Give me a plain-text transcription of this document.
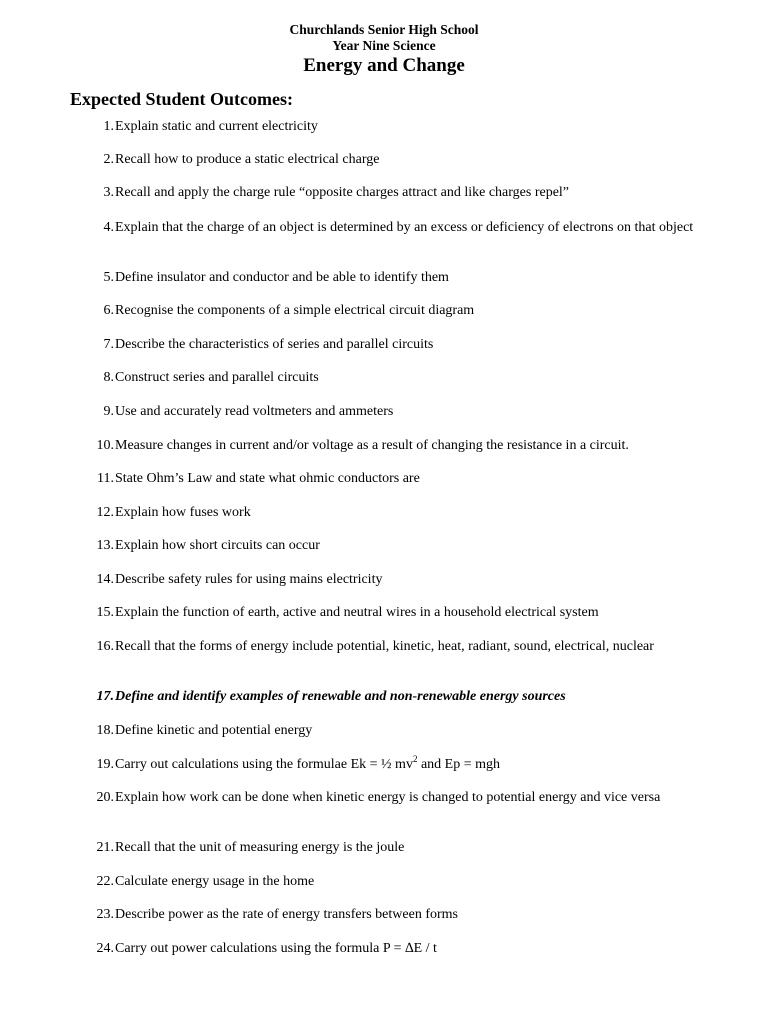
Churchlands Senior High School
Year Nine Science
Energy and Change
Expected Student Outcomes:
1. Explain static and current electricity
2. Recall how to produce a static electrical charge
3. Recall and apply the charge rule “opposite charges attract and like charges repel”
4. Explain that the charge of an object is determined by an excess or deficiency of electrons on that object
5. Define insulator and conductor and be able to identify them
6. Recognise the components of a simple electrical circuit diagram
7. Describe the characteristics of series and parallel circuits
8. Construct series and parallel circuits
9. Use and accurately read voltmeters and ammeters
10. Measure changes in current and/or voltage as a result of changing the resistance in a circuit.
11. State Ohm’s Law and state what ohmic conductors are
12. Explain how fuses work
13. Explain how short circuits can occur
14. Describe safety rules for using mains electricity
15. Explain the function of earth, active and neutral wires in a household electrical system
16. Recall that the forms of energy include potential, kinetic, heat, radiant, sound, electrical, nuclear
17. Define and identify examples of renewable and non-renewable energy sources
18. Define kinetic and potential energy
19. Carry out calculations using the formulae Ek = ½ $mv^2$ and Ep = mgh
20. Explain how work can be done when kinetic energy is changed to potential energy and vice versa
21. Recall that the unit of measuring energy is the joule
22. Calculate energy usage in the home
23. Describe power as the rate of energy transfers between forms
24. Carry out power calculations using the formula P = ∆E / t
